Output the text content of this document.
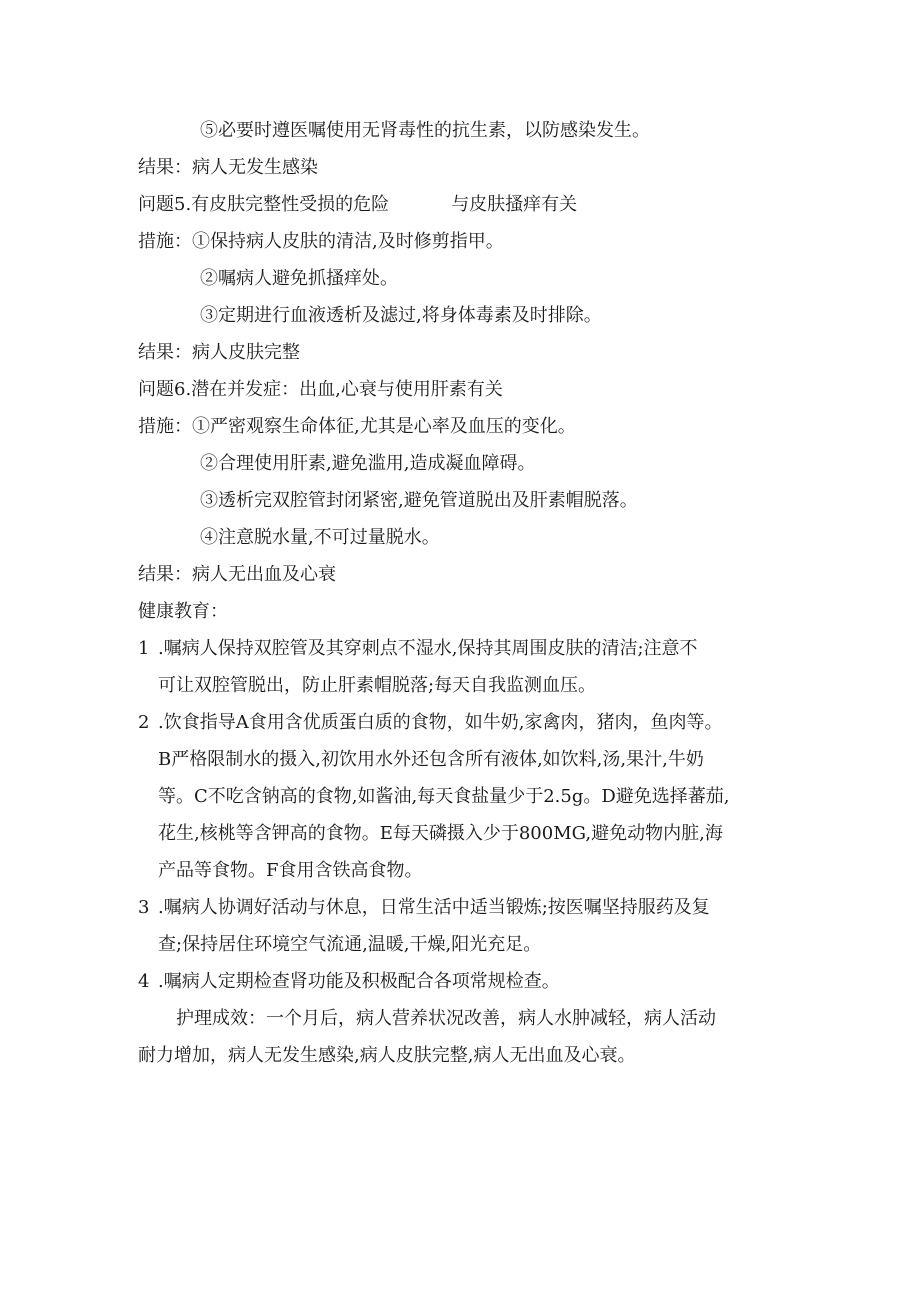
⑤必要时遵医嘱使用无肾毒性的抗生素，以防感染发生。
结果：病人无发生感染
问题5.有皮肤完整性受损的危险	与皮肤搔痒有关
措施：①保持病人皮肤的清洁,及时修剪指甲。
②嘱病人避免抓搔痒处。
③定期进行血液透析及滤过,将身体毒素及时排除。
结果：病人皮肤完整
问题6.潜在并发症：出血,心衰与使用肝素有关
措施：①严密观察生命体征,尤其是心率及血压的变化。
②合理使用肝素,避免滥用,造成凝血障碍。
③透析完双腔管封闭紧密,避免管道脱出及肝素帽脱落。
④注意脱水量,不可过量脱水。
结果：病人无出血及心衰
健康教育：
1 .嘱病人保持双腔管及其穿刺点不湿水,保持其周围皮肤的清洁;注意不
可让双腔管脱出，防止肝素帽脱落;每天自我监测血压。
2 .饮食指导A食用含优质蛋白质的食物，如牛奶,家禽肉，猪肉，鱼肉等。
B严格限制水的摄入,初饮用水外还包含所有液体,如饮料,汤,果汁,牛奶
等。C不吃含钠高的食物,如酱油,每天食盐量少于2.5g。D避免选择蕃茄,
花生,核桃等含钾高的食物。E每天磷摄入少于800MG,避免动物内脏,海
产品等食物。F食用含铁高食物。
3 .嘱病人协调好活动与休息，日常生活中适当锻炼;按医嘱坚持服药及复
查;保持居住环境空气流通,温暖,干燥,阳光充足。
4 .嘱病人定期检查肾功能及积极配合各项常规检查。
护理成效：一个月后，病人营养状况改善，病人水肿减轻，病人活动
耐力增加，病人无发生感染,病人皮肤完整,病人无出血及心衰。
